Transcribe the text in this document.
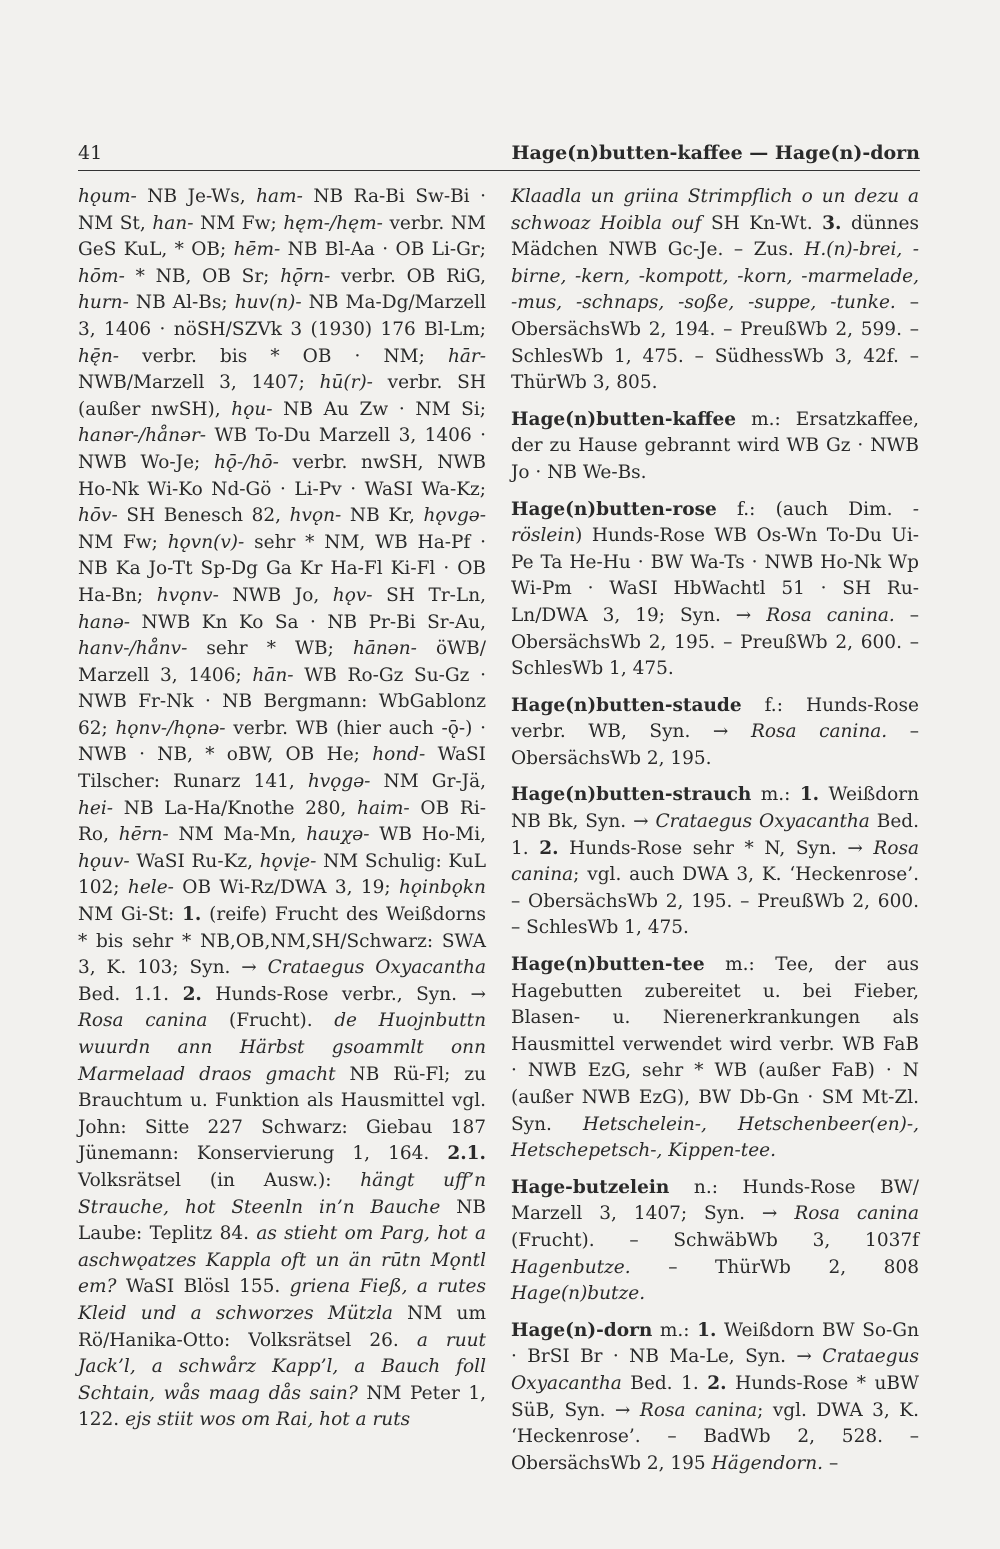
41	Hage(n)butten-kaffee — Hage(n)-dorn

hǫum- NB Je-Ws, ham- NB Ra-Bi Sw-Bi · NM St, han- NM Fw; hęm-/hęm- verbr. NM GeS KuL, * OB; hēm- NB Bl-Aa · OB Li-Gr; hōm- * NB, OB Sr; hǭrn- verbr. OB RiG, hurn- NB Al-Bs; huv(n)- NB Ma-Dg/Marzell 3, 1406 · nöSH/SZVk 3 (1930) 176 Bl-Lm; hę̄n- verbr. bis * OB · NM; hār- NWB/Marzell 3, 1407; hū(r)- verbr. SH (außer nwSH), hǫu- NB Au Zw · NM Si; hanər-/hånər- WB To-Du Marzell 3, 1406 · NWB Wo-Je; hǭ-/hō- verbr. nwSH, NWB Ho-Nk Wi-Ko Nd-Gö · Li-Pv · WaSI Wa-Kz; hōv- SH Benesch 82, hvǫn- NB Kr, hǫvgə- NM Fw; hǫvn(v)- sehr * NM, WB Ha-Pf · NB Ka Jo-Tt Sp-Dg Ga Kr Ha-Fl Ki-Fl · OB Ha-Bn; hvǫnv- NWB Jo, hǫv- SH Tr-Ln, hanə- NWB Kn Ko Sa · NB Pr-Bi Sr-Au, hanv-/hånv- sehr * WB; hānən- öWB/ Marzell 3, 1406; hān- WB Ro-Gz Su-Gz · NWB Fr-Nk · NB Bergmann: WbGablonz 62; hǫnv-/hǫnə- verbr. WB (hier auch -ǭ-) · NWB · NB, * oBW, OB He; hond- WaSI Tilscher: Runarz 141, hvǫgə- NM Gr-Jä, hei- NB La-Ha/Knothe 280, haim- OB Ri-Ro, hērn- NM Ma-Mn, hauχə- WB Ho-Mi, hǫuv- WaSI Ru-Kz, hǫvįe- NM Schulig: KuL 102; hele- OB Wi-Rz/DWA 3, 19; hǫinbǫkn NM Gi-St: 1. (reife) Frucht des Weißdorns * bis sehr * NB,OB,NM,SH/Schwarz: SWA 3, K. 103; Syn. → Crataegus Oxyacantha Bed. 1.1. 2. Hunds-Rose verbr., Syn. → Rosa canina (Frucht). de Huojnbuttn wuurdn ann Härbst gsoammlt onn Marmelaad draos gmacht NB Rü-Fl; zu Brauchtum u. Funktion als Hausmittel vgl. John: Sitte 227 Schwarz: Giebau 187 Jünemann: Konservierung 1, 164. 2.1. Volksrätsel (in Ausw.): hängt uff’n Strauche, hot Steenln in’n Bauche NB Laube: Teplitz 84. as stieht om Parg, hot a aschwǫatzes Kappla oft un än rūtn Mǫntl em? WaSI Blösl 155. griena Fieß, a rutes Kleid und a schworzes Mützla NM um Rö/Hanika-Otto: Volksrätsel 26. a ruut Jack’l, a schwårz Kapp’l, a Bauch foll Schtain, wås maag dås sain? NM Peter 1, 122. ejs stiit wos om Rai, hot a ruts

Klaadla un griina Strimpflich o un dezu a schwoaz Hoibla ouf SH Kn-Wt. 3. dünnes Mädchen NWB Gc-Je. – Zus. H.(n)-brei, -birne, -kern, -kompott, -korn, -marmelade, -mus, -schnaps, -soße, -suppe, -tunke. – ObersächsWb 2, 194. – PreußWb 2, 599. – SchlesWb 1, 475. – SüdhessWb 3, 42f. – ThürWb 3, 805.

Hage(n)butten-kaffee m.: Ersatzkaffee, der zu Hause gebrannt wird WB Gz · NWB Jo · NB We-Bs.

Hage(n)butten-rose f.: (auch Dim. -röslein) Hunds-Rose WB Os-Wn To-Du Ui-Pe Ta He-Hu · BW Wa-Ts · NWB Ho-Nk Wp Wi-Pm · WaSI HbWachtl 51 · SH Ru-Ln/DWA 3, 19; Syn. → Rosa canina. – ObersächsWb 2, 195. – PreußWb 2, 600. – SchlesWb 1, 475.

Hage(n)butten-staude f.: Hunds-Rose verbr. WB, Syn. → Rosa canina. – ObersächsWb 2, 195.

Hage(n)butten-strauch m.: 1. Weißdorn NB Bk, Syn. → Crataegus Oxyacantha Bed. 1. 2. Hunds-Rose sehr * N, Syn. → Rosa canina; vgl. auch DWA 3, K. ‘Heckenrose’. – ObersächsWb 2, 195. – PreußWb 2, 600. – SchlesWb 1, 475.

Hage(n)butten-tee m.: Tee, der aus Hagebutten zubereitet u. bei Fieber, Blasen- u. Nierenerkrankungen als Hausmittel verwendet wird verbr. WB FaB · NWB EzG, sehr * WB (außer FaB) · N (außer NWB EzG), BW Db-Gn · SM Mt-Zl. Syn. Hetschelein-, Hetschenbeer(en)-, Hetschepetsch-, Kippen-tee.

Hage-butzelein n.: Hunds-Rose BW/ Marzell 3, 1407; Syn. → Rosa canina (Frucht). – SchwäbWb 3, 1037f Hagenbutze. – ThürWb 2, 808 Hage(n)butze.

Hage(n)-dorn m.: 1. Weißdorn BW So-Gn · BrSI Br · NB Ma-Le, Syn. → Crataegus Oxyacantha Bed. 1. 2. Hunds-Rose * uBW SüB, Syn. → Rosa canina; vgl. DWA 3, K. ‘Heckenrose’. – BadWb 2, 528. – ObersächsWb 2, 195 Hägendorn. –
